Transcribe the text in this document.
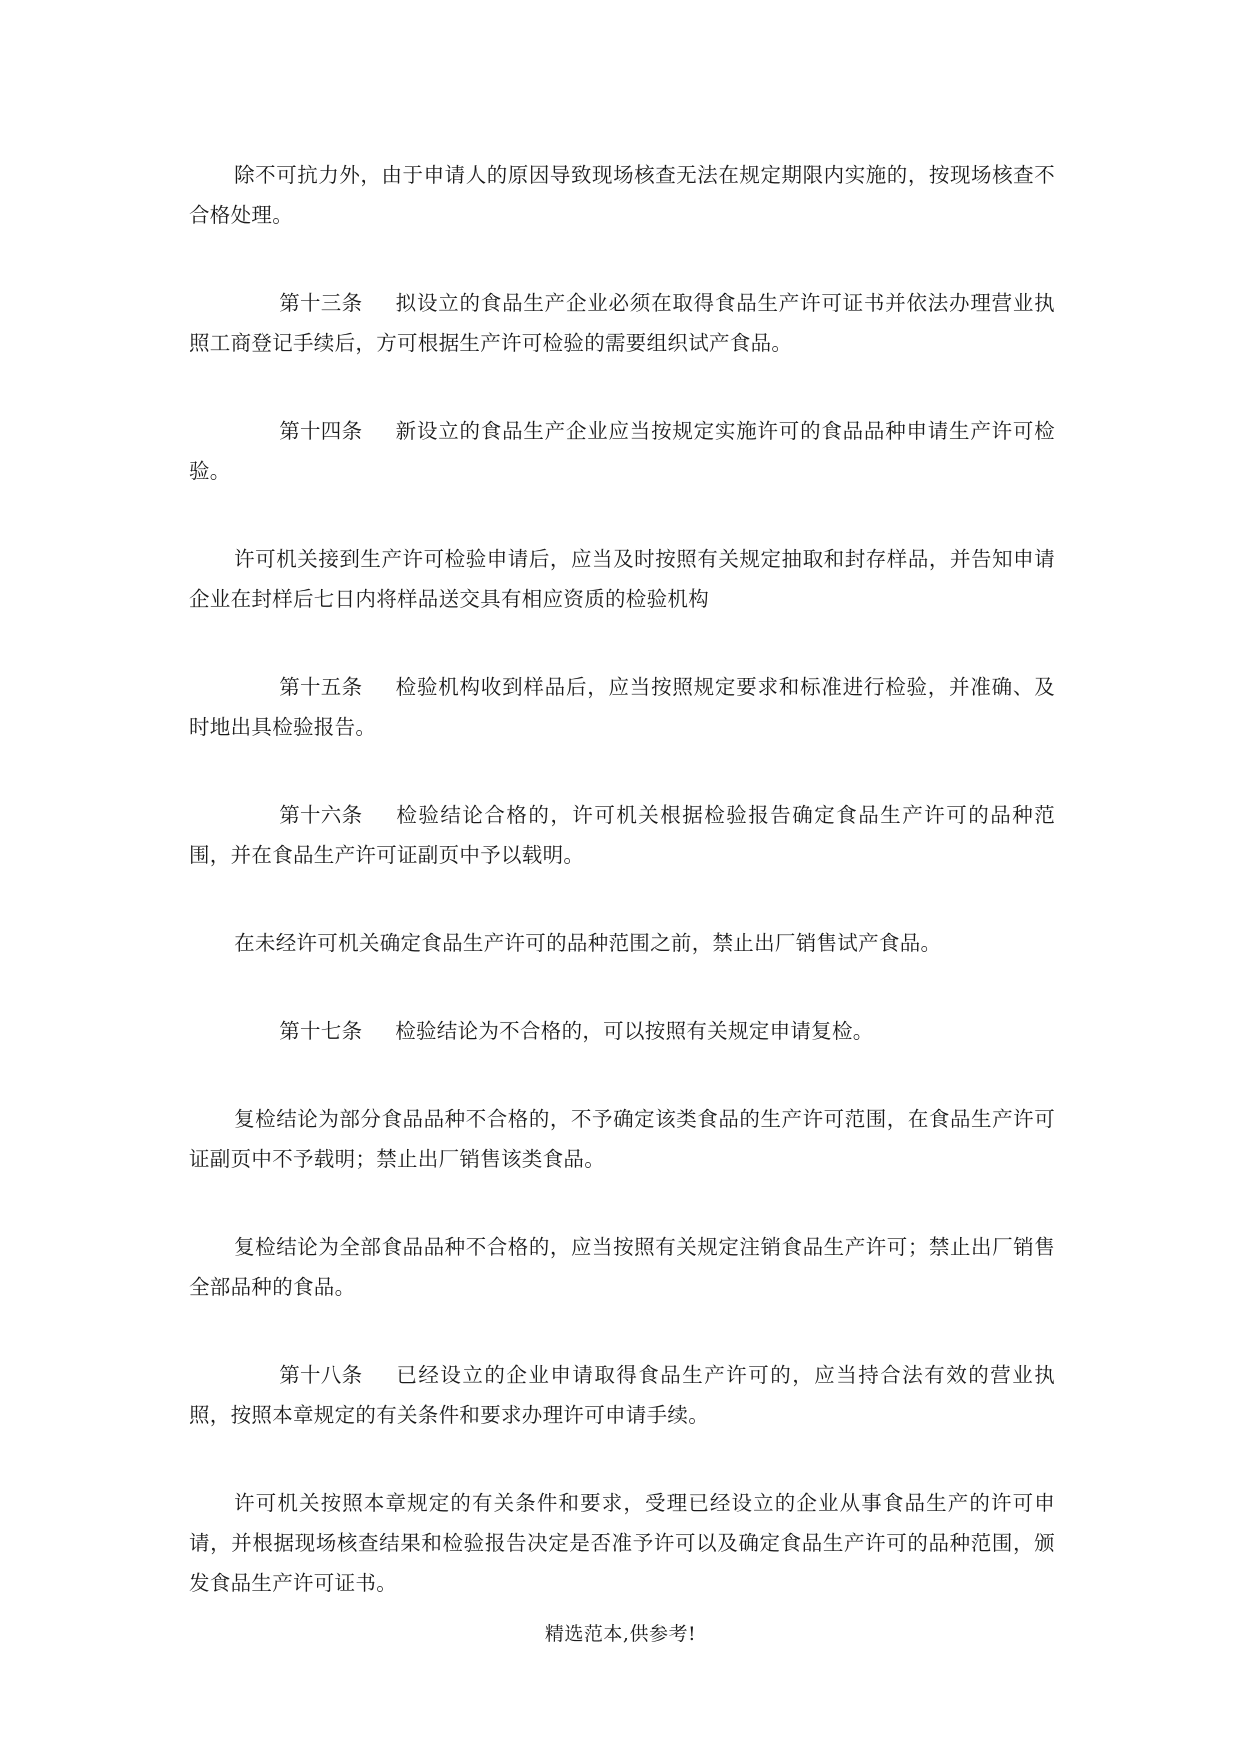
除不可抗力外，由于申请人的原因导致现场核查无法在规定期限内实施的，按现场核查不合格处理。

第十三条 拟设立的食品生产企业必须在取得食品生产许可证书并依法办理营业执照工商登记手续后，方可根据生产许可检验的需要组织试产食品。

第十四条 新设立的食品生产企业应当按规定实施许可的食品品种申请生产许可检验。

许可机关接到生产许可检验申请后，应当及时按照有关规定抽取和封存样品，并告知申请企业在封样后七日内将样品送交具有相应资质的检验机构

第十五条 检验机构收到样品后，应当按照规定要求和标准进行检验，并准确、及时地出具检验报告。

第十六条 检验结论合格的，许可机关根据检验报告确定食品生产许可的品种范围，并在食品生产许可证副页中予以载明。

在未经许可机关确定食品生产许可的品种范围之前，禁止出厂销售试产食品。

第十七条 检验结论为不合格的，可以按照有关规定申请复检。

复检结论为部分食品品种不合格的，不予确定该类食品的生产许可范围，在食品生产许可证副页中不予载明；禁止出厂销售该类食品。

复检结论为全部食品品种不合格的，应当按照有关规定注销食品生产许可；禁止出厂销售全部品种的食品。

第十八条 已经设立的企业申请取得食品生产许可的，应当持合法有效的营业执照，按照本章规定的有关条件和要求办理许可申请手续。

许可机关按照本章规定的有关条件和要求，受理已经设立的企业从事食品生产的许可申请，并根据现场核查结果和检验报告决定是否准予许可以及确定食品生产许可的品种范围，颁发食品生产许可证书。

精选范本,供参考!
